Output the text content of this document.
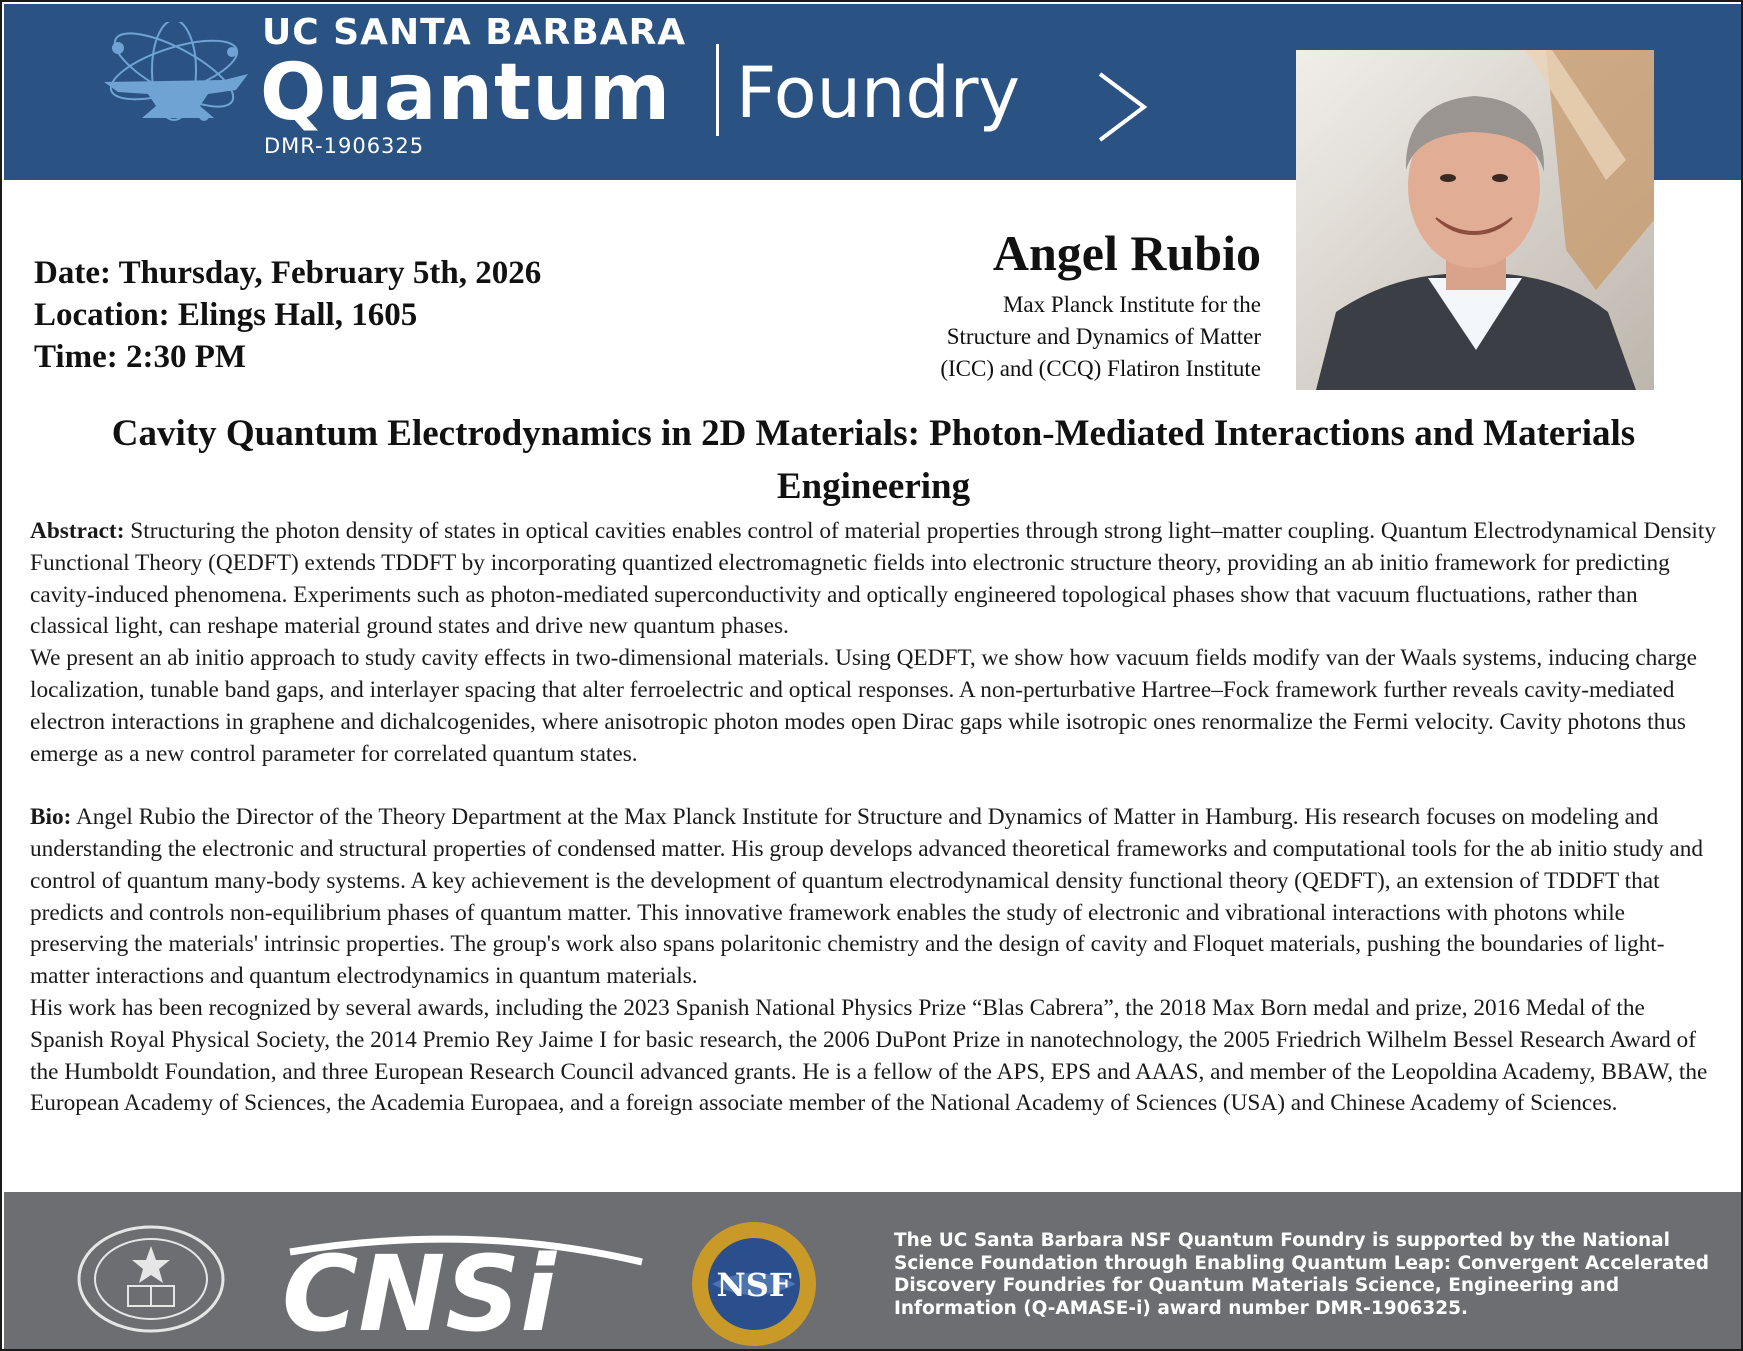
UC SANTA BARBARA
Quantum Foundry
DMR-1906325
Date: Thursday, February 5th, 2026
Location: Elings Hall, 1605
Time: 2:30 PM
Angel Rubio
Max Planck Institute for the
Structure and Dynamics of Matter
(ICC) and (CCQ) Flatiron Institute
Cavity Quantum Electrodynamics in 2D Materials: Photon-Mediated Interactions and Materials Engineering

Abstract: Structuring the photon density of states in optical cavities enables control of material properties through strong light–matter coupling. Quantum Electrodynamical Density Functional Theory (QEDFT) extends TDDFT by incorporating quantized electromagnetic fields into electronic structure theory, providing an ab initio framework for predicting cavity-induced phenomena. Experiments such as photon-mediated superconductivity and optically engineered topological phases show that vacuum fluctuations, rather than classical light, can reshape material ground states and drive new quantum phases.

We present an ab initio approach to study cavity effects in two-dimensional materials. Using QEDFT, we show how vacuum fields modify van der Waals systems, inducing charge localization, tunable band gaps, and interlayer spacing that alter ferroelectric and optical responses. A non-perturbative Hartree–Fock framework further reveals cavity-mediated electron interactions in graphene and dichalcogenides, where anisotropic photon modes open Dirac gaps while isotropic ones renormalize the Fermi velocity. Cavity photons thus emerge as a new control parameter for correlated quantum states.

Bio: Angel Rubio the Director of the Theory Department at the Max Planck Institute for Structure and Dynamics of Matter in Hamburg. His research focuses on modeling and understanding the electronic and structural properties of condensed matter. His group develops advanced theoretical frameworks and computational tools for the ab initio study and control of quantum many-body systems. A key achievement is the development of quantum electrodynamical density functional theory (QEDFT), an extension of TDDFT that predicts and controls non-equilibrium phases of quantum matter. This innovative framework enables the study of electronic and vibrational interactions with photons while preserving the materials' intrinsic properties. The group's work also spans polaritonic chemistry and the design of cavity and Floquet materials, pushing the boundaries of light-matter interactions and quantum electrodynamics in quantum materials.

His work has been recognized by several awards, including the 2023 Spanish National Physics Prize “Blas Cabrera”, the 2018 Max Born medal and prize, 2016 Medal of the Spanish Royal Physical Society, the 2014 Premio Rey Jaime I for basic research, the 2006 DuPont Prize in nanotechnology, the 2005 Friedrich Wilhelm Bessel Research Award of the Humboldt Foundation, and three European Research Council advanced grants. He is a fellow of the APS, EPS and AAAS, and member of the Leopoldina Academy, BBAW, the European Academy of Sciences, the Academia Europaea, and a foreign associate member of the National Academy of Sciences (USA) and Chinese Academy of Sciences.

CNSi	NSF
The UC Santa Barbara NSF Quantum Foundry is supported by the National Science Foundation through Enabling Quantum Leap: Convergent Accelerated Discovery Foundries for Quantum Materials Science, Engineering and Information (Q-AMASE-i) award number DMR-1906325.
